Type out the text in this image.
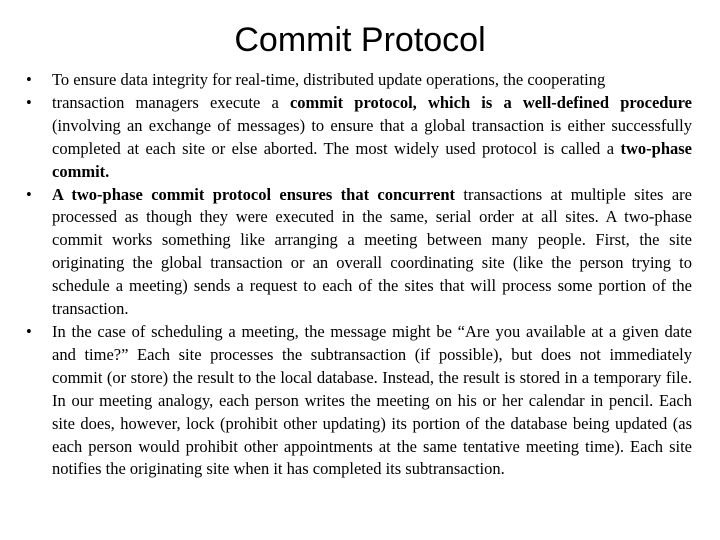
Commit Protocol
•	To ensure data integrity for real-time, distributed update operations, the cooperating
•	transaction managers execute a commit protocol, which is a well-defined procedure (involving an exchange of messages) to ensure that a global transaction is either successfully completed at each site or else aborted. The most widely used protocol is called a two-phase commit.
•	A two-phase commit protocol ensures that concurrent transactions at multiple sites are processed as though they were executed in the same, serial order at all sites. A two-phase commit works something like arranging a meeting between many people. First, the site originating the global transaction or an overall coordinating site (like the person trying to schedule a meeting) sends a request to each of the sites that will process some portion of the transaction.
•	In the case of scheduling a meeting, the message might be “Are you available at a given date and time?” Each site processes the subtransaction (if possible), but does not immediately commit (or store) the result to the local database. Instead, the result is stored in a temporary file. In our meeting analogy, each person writes the meeting on his or her calendar in pencil. Each site does, however, lock (prohibit other updating) its portion of the database being updated (as each person would prohibit other appointments at the same tentative meeting time). Each site notifies the originating site when it has completed its subtransaction.
